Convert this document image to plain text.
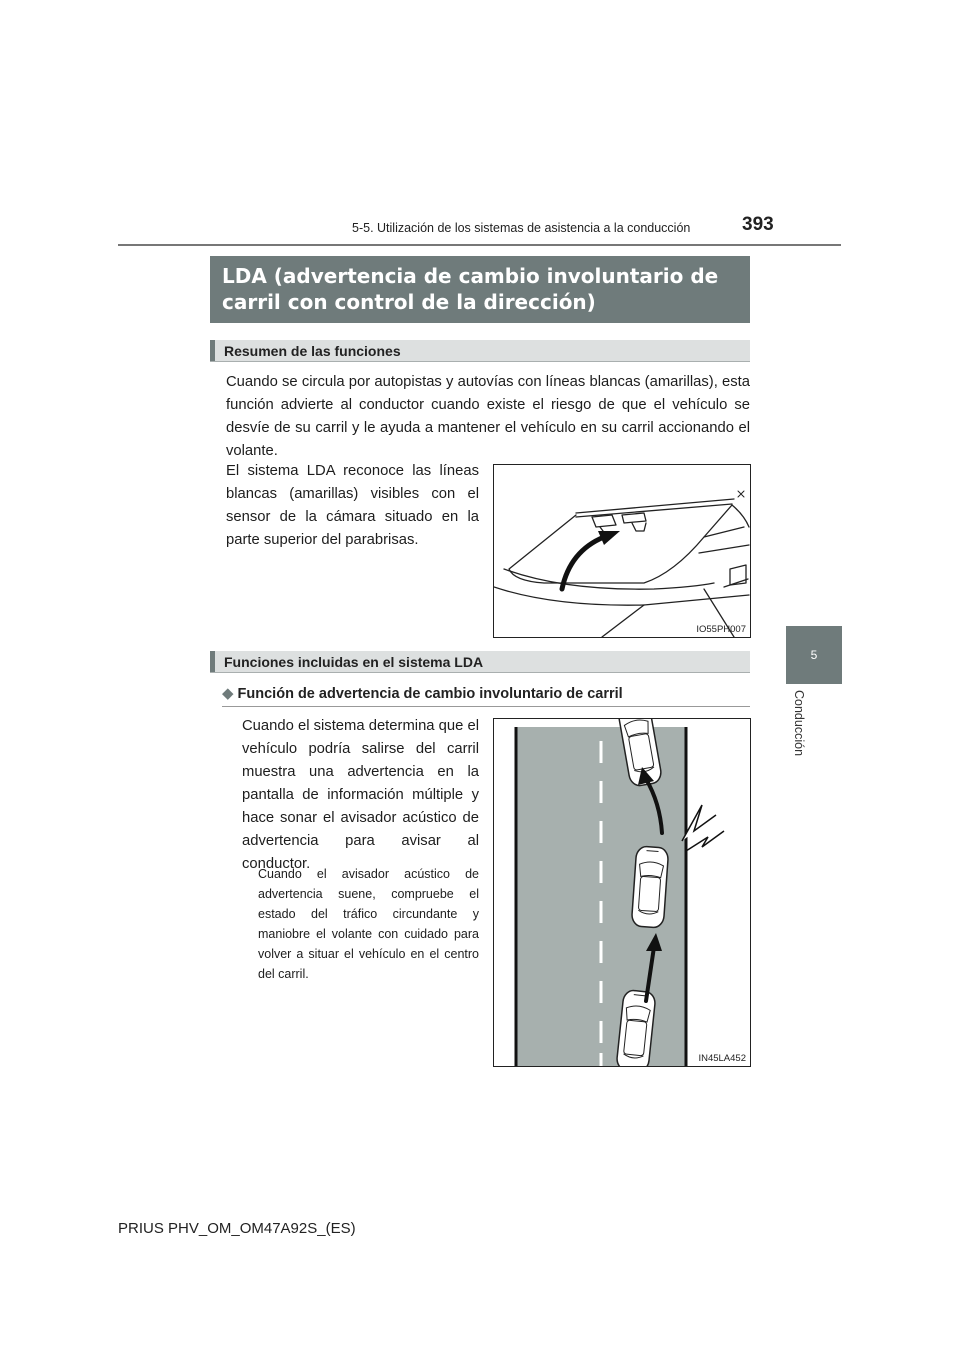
5-5. Utilización de los sistemas de asistencia a la conducción	393
LDA (advertencia de cambio involuntario de
carril con control de la dirección)
Resumen de las funciones
Cuando se circula por autopistas y autovías con líneas blancas (amarillas), esta función advierte al conductor cuando existe el riesgo de que el vehículo se desvíe de su carril y le ayuda a mantener el vehículo en su carril accionando el volante.
El sistema LDA reconoce las líneas blancas (amarillas) visibles con el sensor de la cámara situado en la parte superior del parabrisas.
IO55PH007
Funciones incluidas en el sistema LDA
◆ Función de advertencia de cambio involuntario de carril
Cuando el sistema determina que el vehículo podría salirse del carril muestra una advertencia en la pantalla de información múltiple y hace sonar el avisador acústico de advertencia para avisar al conductor.
Cuando el avisador acústico de advertencia suene, compruebe el estado del tráfico circundante y maniobre el volante con cuidado para volver a situar el vehículo en el centro del carril.
IN45LA452
5
Conducción
PRIUS PHV_OM_OM47A92S_(ES)
